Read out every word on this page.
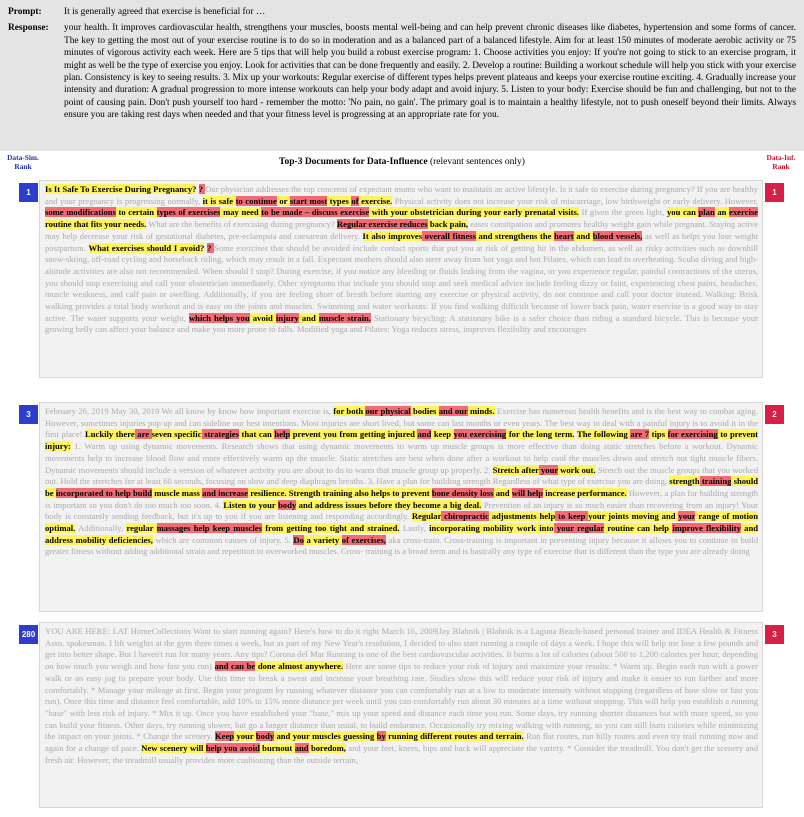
Prompt:	It is generally agreed that exercise is beneficial for …
Response:	your health. It improves cardiovascular health, strengthens your muscles, boosts mental well-being and can help prevent chronic diseases like diabetes, hypertension and some forms of cancer. The key to getting the most out of your exercise routine is to do so in moderation and as a balanced part of a balanced lifestyle. Aim for at least 150 minutes of moderate aerobic activity or 75 minutes of vigorous activity each week. Here are 5 tips that will help you build a robust exercise program: 1. Choose activities you enjoy: If you're not going to stick to an exercise program, it might as well be the type of exercise you enjoy. Look for activities that can be done frequently and easily. 2. Develop a routine: Building a workout schedule will help you stick with your exercise plan. Consistency is key to seeing results. 3. Mix up your workouts: Regular exercise of different types helps prevent plateaus and keeps your exercise routine exciting. 4. Gradually increase your intensity and duration: A gradual progression to more intense workouts can help your body adapt and avoid injury. 5. Listen to your body: Exercise should be fun and challenging, but not to the point of causing pain. Don't push yourself too hard - remember the motto: 'No pain, no gain'. The primary goal is to maintain a healthy lifestyle, not to push oneself beyond their limits. Always ensure you are taking rest days when needed and that your fitness level is progressing at an appropriate rate for you.
Data-Sim.
Rank	Top-3 Documents for Data-Influence (relevant sentences only)	Data-Inf.
Rank
1	Is It Safe To Exercise During Pregnancy? ? Our physician addresses the top concerns of expectant mums who want to maintain an active lifestyle. Is it safe to exercise during pregnancy? If you are healthy and your pregnancy is progressing normally, it is safe to continue or start most types of exercise. Physical activity does not increase your risk of miscarriage, low birthweight or early delivery. However, some modifications to certain types of exercises may need to be made – discuss exercise with your obstetrician during your early prenatal visits. If given the green light, you can plan an exercise routine that fits your needs. What are the benefits of exercising during pregnancy? Regular exercise reduces back pain, eases constipation and promotes healthy weight gain while pregnant. Staying active may help decrease your risk of gestational diabetes, pre-eclampsia and caesarean delivery. It also improves overall fitness and strengthens the heart and blood vessels, as well as helps you lose weight postpartum. What exercises should I avoid? ? Some exercises that should be avoided include contact sports that put you at risk of getting hit in the abdomen, as well as risky activities such as downhill snow-skiing, off-road cycling and horseback riding, which may result in a fall. Expectant mothers should also steer away from hot yoga and hot Pilates, which can lead to overheating. Scuba diving and high-altitude activities are also not recommended. When should I stop? During exercise, if you notice any bleeding or fluids leaking from the vagina, or you experience regular, painful contractions of the uterus, you should stop exercising and call your obstetrician immediately. Other symptoms that include you should stop and seek medical advice include feeling dizzy or faint, experiencing chest pains, headaches, muscle weakness, and calf pain or swelling. Additionally, if you are feeling short of breath before starting any exercise or physical activity, do not continue and call your doctor instead. Walking: Brisk walking provides a total body workout and is easy on the joints and muscles. Swimming and water workouts: If you find walking difficult because of lower back pain, water exercise is a good way to stay active. The water supports your weight, which helps you avoid injury and muscle strain. Stationary bicycling: A stationary bike is a safer choice than riding a standard bicycle. This is because your growing belly can affect your balance and make you more prone to falls. Modified yoga and Pilates: Yoga reduces stress, improves flexibility and encourages
1
3	February 26, 2019 May 30, 2019 We all know by know how important exercise is, for both our physical bodies and our minds. Exercise has numerous health benefits and is the best way to combat aging. However, sometimes injuries pop up and can sideline our best intentions. Most injuries are short lived, but some can last months or even years. The best way to deal with a painful injury is to avoid it in the first place! Luckily there are seven specific strategies that can help prevent you from getting injured and keep you exercising for the long term. The following are 7 tips for exercising to prevent injury: 1. Warm up using dynamic movements. Research shows that using dynamic movements to warm up muscle groups is more effective than doing static stretches before a workout. Dynamic movements help to increase blood flow and more effectively warm up the muscle. Static stretches are best when done after a workout to help cool the muscles down and stretch out tight muscle fibers. Dynamic movements should include a version of whatever activity you are about to do to warm that muscle group up properly. 2. Stretch after your work out. Stretch out the muscle groups that you worked out. Hold the stretches for at least 60 seconds, focusing on slow and deep diaphragm breaths. 3. Have a plan for building strength Regardless of what type of exercise you are doing, strength training should be incorporated to help build muscle mass and increase resilience. Strength training also helps to prevent bone density loss and will help increase performance. However, a plan for building strength is important so you don't do too much too soon. 4. Listen to your body and address issues before they become a big deal. Prevention of an injury is so much easier than recovering from an injury! Your body is constantly sending feedback, but it's up to you if you are listening and responding accordingly. Regular chiropractic adjustments help to keep your joints moving and your range of motion optimal. Additionally, regular massages help keep muscles from getting too tight and strained. Lastly, incorporating mobility work into your regular routine can help improve flexibility and address mobility deficiencies, which are common causes of injury. 5. Do a variety of exercises, aka cross-train. Cross-training is important in preventing injury because it allows you to continue to build greater fitness without adding additional strain and repetition to overworked muscles. Cross- training is a broad term and is basically any type of exercise that is different than the type you are already doing
2
280	YOU ARE HERE: LAT HomeCollections Want to start running again? Here's how to do it right March 16, 2009|Jay Blahnik | Blahnik is a Laguna Beach-based personal trainer and IDEA Health & Fitness Assn. spokesman. I lift weights at the gym three times a week, but as part of my New Year's resolution, I decided to also start running a couple of days a week. I hope this will help me lose a few pounds and get into better shape. But I haven't run for many years. Any tips? Corona del Mar Running is one of the best cardiovascular activities. It burns a lot of calories (about 500 to 1,200 calories per hour, depending on how much you weigh and how fast you run) and can be done almost anywhere. Here are some tips to reduce your risk of injury and maximize your results: * Warm up. Begin each run with a power walk or an easy jog to prepare your body. Use this time to break a sweat and increase your breathing rate. Studies show this will reduce your risk of injury and make it easier to run farther and more comfortably. * Manage your mileage at first. Begin your program by running whatever distance you can comfortably run at a low to moderate intensity without stopping (regardless of how slow or fast you run). Once this time and distance feel comfortable, add 10% to 15% more distance per week until you can comfortably run about 30 minutes at a time without stopping. This will help you establish a running "base" with less risk of injury. * Mix it up. Once you have established your "base," mix up your speed and distance each time you run. Some days, try running shorter distances but with more speed, so you can build your fitness. Other days, try running slower, but go a longer distance than usual, to build endurance. Occasionally try mixing walking with running, so you can still burn calories while minimizing the impact on your joints. * Change the scenery. Keep your body and your muscles guessing by running different routes and terrain. Run flat routes, run hilly routes and even try trail running now and again for a change of pace. New scenery will help you avoid burnout and boredom, and your feet, knees, hips and back will appreciate the variety. * Consider the treadmill. You don't get the scenery and fresh air. However, the treadmill usually provides more cushioning than the outside terrain,
3
